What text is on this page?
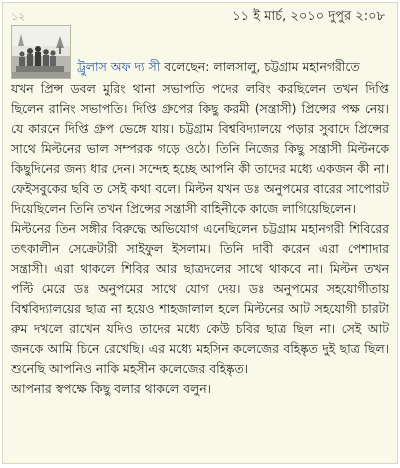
১২	১১ ই মার্চ, ২০১০ দুপুর ২:০৮
ট্রুলাস অফ দ্য সী বলেছেন: লালসালু, চট্টগ্রাম মহানগরীতে

যখন প্রিন্স ডবল মুরিং থানা সভাপতি পদের লবিং করছিলেন তখন দিপ্তি ছিলেন রানিং সভাপতি। দিপ্তি গ্রুপের কিছু করমী (সন্ত্রাসী) প্রিন্সের পক্ষ নেয়। যে কারনে দিপ্তি গ্রুপ ভেঙ্গে যায়। চট্টগ্রাম বিশ্ববিদ্যালয়ে পড়ার সুবাদে প্রিন্সের সাথে মিল্টনের ভাল সম্পরক গড়ে ওঠে। তিনি নিজের কিছু সন্ত্রাসী মিল্টনকে কিছুদিনের জন্য ধার দেন। সন্দেহ হচ্ছে আপনি কী তাদের মধ্যে একজন কী না। ফেইসবুকের ছবি ত সেই কথা বলে। মিল্টন যখন ডঃ অনুপমের বারের সাপোরট দিয়েছিলেন তিনি তখন প্রিন্সের সন্ত্রাসী বাহিনীকে কাজে লাগিয়েছিলেন।

মিল্টনের তিন সঙ্গীর বিরুদ্ধে অভিযোগ এনেছিলেন চট্টগ্রাম মহানগরী শিবিরের তৎকালীন সেক্রেটারী সাইফুল ইসলাম। তিনি দাবী করেন এরা পেশাদার সন্ত্রাসী। এরা থাকলে শিবির আর ছাত্রদলের সাথে থাকবে না। মিল্টন তখন পল্টি মেরে ডঃ অনুপমের সাথে যোগ দেয়। ডঃ অনুপমের সহযোগীতায় বিশ্ববিদ্যালয়ের ছাত্র না হয়েও শাহজালাল হলে মিল্টনের আট সহযোগী চারটা রুম দখলে রাখেন যদিও তাদের মধ্যে কেউ চবির ছাত্র ছিল না। সেই আট জনকে আমি চিনে রেখেছি। এর মধ্যে মহসিন কলেজের বহিষ্কৃত দুই ছাত্র ছিল। শুনেছি আপনিও নাকি মহসীন কলেজের বহিষ্কৃত।

আপনার স্বপক্ষে কিছু বলার থাকলে বলুন।
